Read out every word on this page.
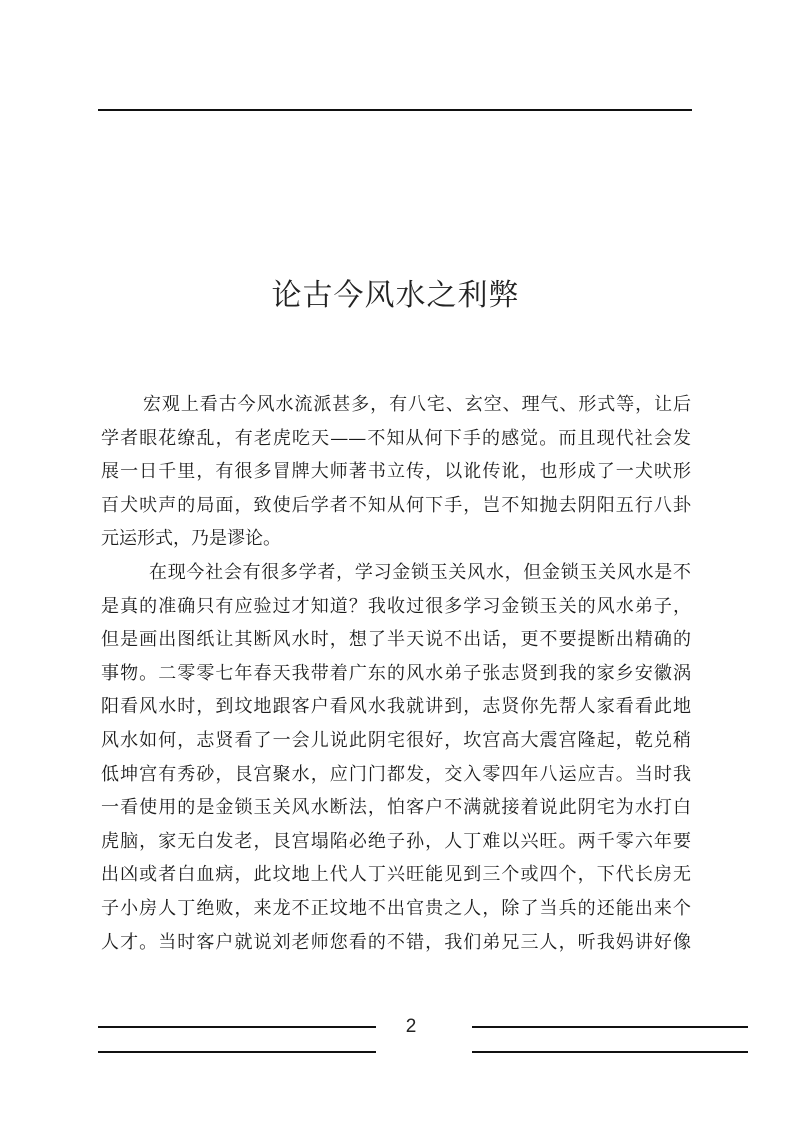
论古今风水之利弊
宏观上看古今风水流派甚多，有八宅、玄空、理气、形式等，让后
学者眼花缭乱，有老虎吃天——不知从何下手的感觉。而且现代社会发
展一日千里，有很多冒牌大师著书立传，以讹传讹，也形成了一犬吠形
百犬吠声的局面，致使后学者不知从何下手，岂不知抛去阴阳五行八卦
元运形式，乃是谬论。
在现今社会有很多学者，学习金锁玉关风水，但金锁玉关风水是不
是真的准确只有应验过才知道？我收过很多学习金锁玉关的风水弟子，
但是画出图纸让其断风水时，想了半天说不出话，更不要提断出精确的
事物。二零零七年春天我带着广东的风水弟子张志贤到我的家乡安徽涡
阳看风水时，到坟地跟客户看风水我就讲到，志贤你先帮人家看看此地
风水如何，志贤看了一会儿说此阴宅很好，坎宫高大震宫隆起，乾兑稍
低坤宫有秀砂，艮宫聚水，应门门都发，交入零四年八运应吉。当时我
一看使用的是金锁玉关风水断法，怕客户不满就接着说此阴宅为水打白
虎脑，家无白发老，艮宫塌陷必绝子孙，人丁难以兴旺。两千零六年要
出凶或者白血病，此坟地上代人丁兴旺能见到三个或四个，下代长房无
子小房人丁绝败，来龙不正坟地不出官贵之人，除了当兵的还能出来个
人才。当时客户就说刘老师您看的不错，我们弟兄三人，听我妈讲好像
2
